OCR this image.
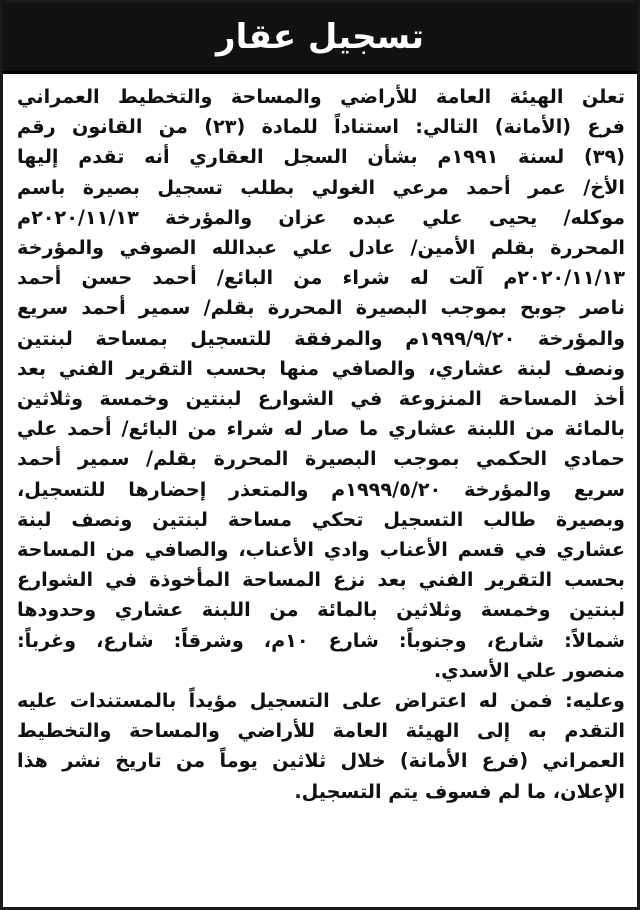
تسجيل عقار
تعلن الهيئة العامة للأراضي والمساحة والتخطيط العمراني
فرع (الأمانة) التالي: استناداً للمادة (٢٣) من القانون رقم
(٣٩) لسنة ١٩٩١م بشأن السجل العقاري أنه تقدم إليها
الأخ/ عمر أحمد مرعي الغولي بطلب تسجيل بصيرة باسم
موكله/ يحيى علي عبده عزان والمؤرخة ٢٠٢٠/١١/١٣م
المحررة بقلم الأمين/ عادل علي عبدالله الصوفي والمؤرخة
٢٠٢٠/١١/١٣م آلت له شراء من البائع/ أحمد حسن أحمد
ناصر جوبح بموجب البصيرة المحررة بقلم/ سمير أحمد سريع
والمؤرخة ١٩٩٩/٩/٢٠م والمرفقة للتسجيل بمساحة لبنتين
ونصف لبنة عشاري، والصافي منها بحسب التقرير الفني بعد
أخذ المساحة المنزوعة في الشوارع لبنتين وخمسة وثلاثين
بالمائة من اللبنة عشاري ما صار له شراء من البائع/ أحمد علي
حمادي الحكمي بموجب البصيرة المحررة بقلم/ سمير أحمد
سريع والمؤرخة ١٩٩٩/٥/٢٠م والمتعذر إحضارها للتسجيل،
وبصيرة طالب التسجيل تحكي مساحة لبنتين ونصف لبنة
عشاري في قسم الأعناب وادي الأعناب، والصافي من المساحة
بحسب التقرير الفني بعد نزع المساحة المأخوذة في الشوارع
لبنتين وخمسة وثلاثين بالمائة من اللبنة عشاري وحدودها
شمالاً: شارع، وجنوباً: شارع ١٠م، وشرقاً: شارع، وغرباً:
منصور علي الأسدي.
وعليه: فمن له اعتراض على التسجيل مؤيداً بالمستندات عليه
التقدم به إلى الهيئة العامة للأراضي والمساحة والتخطيط
العمراني (فرع الأمانة) خلال ثلاثين يوماً من تاريخ نشر هذا
الإعلان، ما لم فسوف يتم التسجيل.
